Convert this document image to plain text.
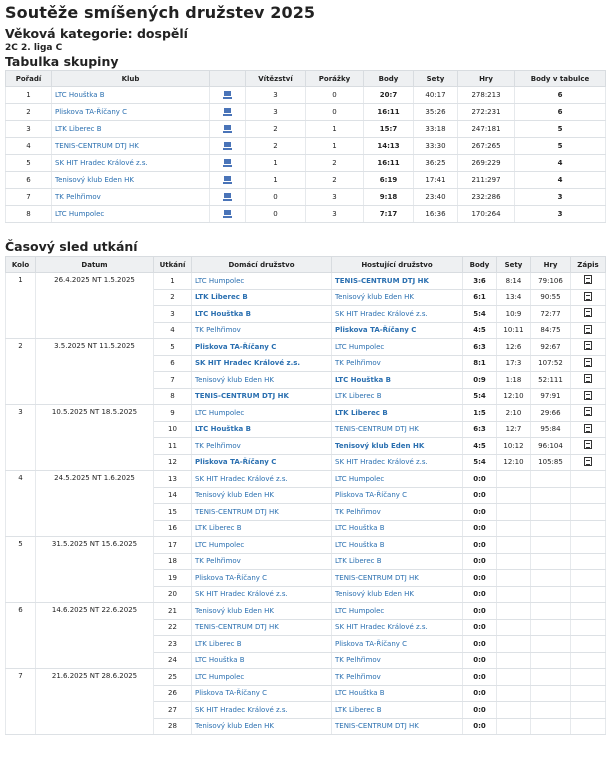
Soutěže smíšených družstev 2025
Věková kategorie: dospělí
2C 2. liga C
Tabulka skupiny
Pořadí	Klub		Vítězství	Porážky	Body	Sety	Hry	Body v tabulce
1	LTC Houštka B		3	0	20:7	40:17	278:213	6
2	Pliskova TA-Říčany C		3	0	16:11	35:26	272:231	6
3	LTK Liberec B		2	1	15:7	33:18	247:181	5
4	TENIS-CENTRUM DTJ HK		2	1	14:13	33:30	267:265	5
5	SK HIT Hradec Králové z.s.		1	2	16:11	36:25	269:229	4
6	Tenisový klub Eden HK		1	2	6:19	17:41	211:297	4
7	TK Pelhřimov		0	3	9:18	23:40	232:286	3
8	LTC Humpolec		0	3	7:17	16:36	170:264	3
Časový sled utkání
Kolo	Datum	Utkání	Domácí družstvo	Hostující družstvo	Body	Sety	Hry	Zápis
1	26.4.2025 NT 1.5.2025	1	LTC Humpolec	TENIS-CENTRUM DTJ HK	3:6	8:14	79:106	
		2	LTK Liberec B	Tenisový klub Eden HK	6:1	13:4	90:55	
		3	LTC Houštka B	SK HIT Hradec Králové z.s.	5:4	10:9	72:77	
		4	TK Pelhřimov	Pliskova TA-Říčany C	4:5	10:11	84:75	
2	3.5.2025 NT 11.5.2025	5	Pliskova TA-Říčany C	LTC Humpolec	6:3	12:6	92:67	
		6	SK HIT Hradec Králové z.s.	TK Pelhřimov	8:1	17:3	107:52	
		7	Tenisový klub Eden HK	LTC Houštka B	0:9	1:18	52:111	
		8	TENIS-CENTRUM DTJ HK	LTK Liberec B	5:4	12:10	97:91	
3	10.5.2025 NT 18.5.2025	9	LTC Humpolec	LTK Liberec B	1:5	2:10	29:66	
		10	LTC Houštka B	TENIS-CENTRUM DTJ HK	6:3	12:7	95:84	
		11	TK Pelhřimov	Tenisový klub Eden HK	4:5	10:12	96:104	
		12	Pliskova TA-Říčany C	SK HIT Hradec Králové z.s.	5:4	12:10	105:85	
4	24.5.2025 NT 1.6.2025	13	SK HIT Hradec Králové z.s.	LTC Humpolec	0:0			
		14	Tenisový klub Eden HK	Pliskova TA-Říčany C	0:0			
		15	TENIS-CENTRUM DTJ HK	TK Pelhřimov	0:0			
		16	LTK Liberec B	LTC Houštka B	0:0			
5	31.5.2025 NT 15.6.2025	17	LTC Humpolec	LTC Houštka B	0:0			
		18	TK Pelhřimov	LTK Liberec B	0:0			
		19	Pliskova TA-Říčany C	TENIS-CENTRUM DTJ HK	0:0			
		20	SK HIT Hradec Králové z.s.	Tenisový klub Eden HK	0:0			
6	14.6.2025 NT 22.6.2025	21	Tenisový klub Eden HK	LTC Humpolec	0:0			
		22	TENIS-CENTRUM DTJ HK	SK HIT Hradec Králové z.s.	0:0			
		23	LTK Liberec B	Pliskova TA-Říčany C	0:0			
		24	LTC Houštka B	TK Pelhřimov	0:0			
7	21.6.2025 NT 28.6.2025	25	LTC Humpolec	TK Pelhřimov	0:0			
		26	Pliskova TA-Říčany C	LTC Houštka B	0:0			
		27	SK HIT Hradec Králové z.s.	LTK Liberec B	0:0			
		28	Tenisový klub Eden HK	TENIS-CENTRUM DTJ HK	0:0			
